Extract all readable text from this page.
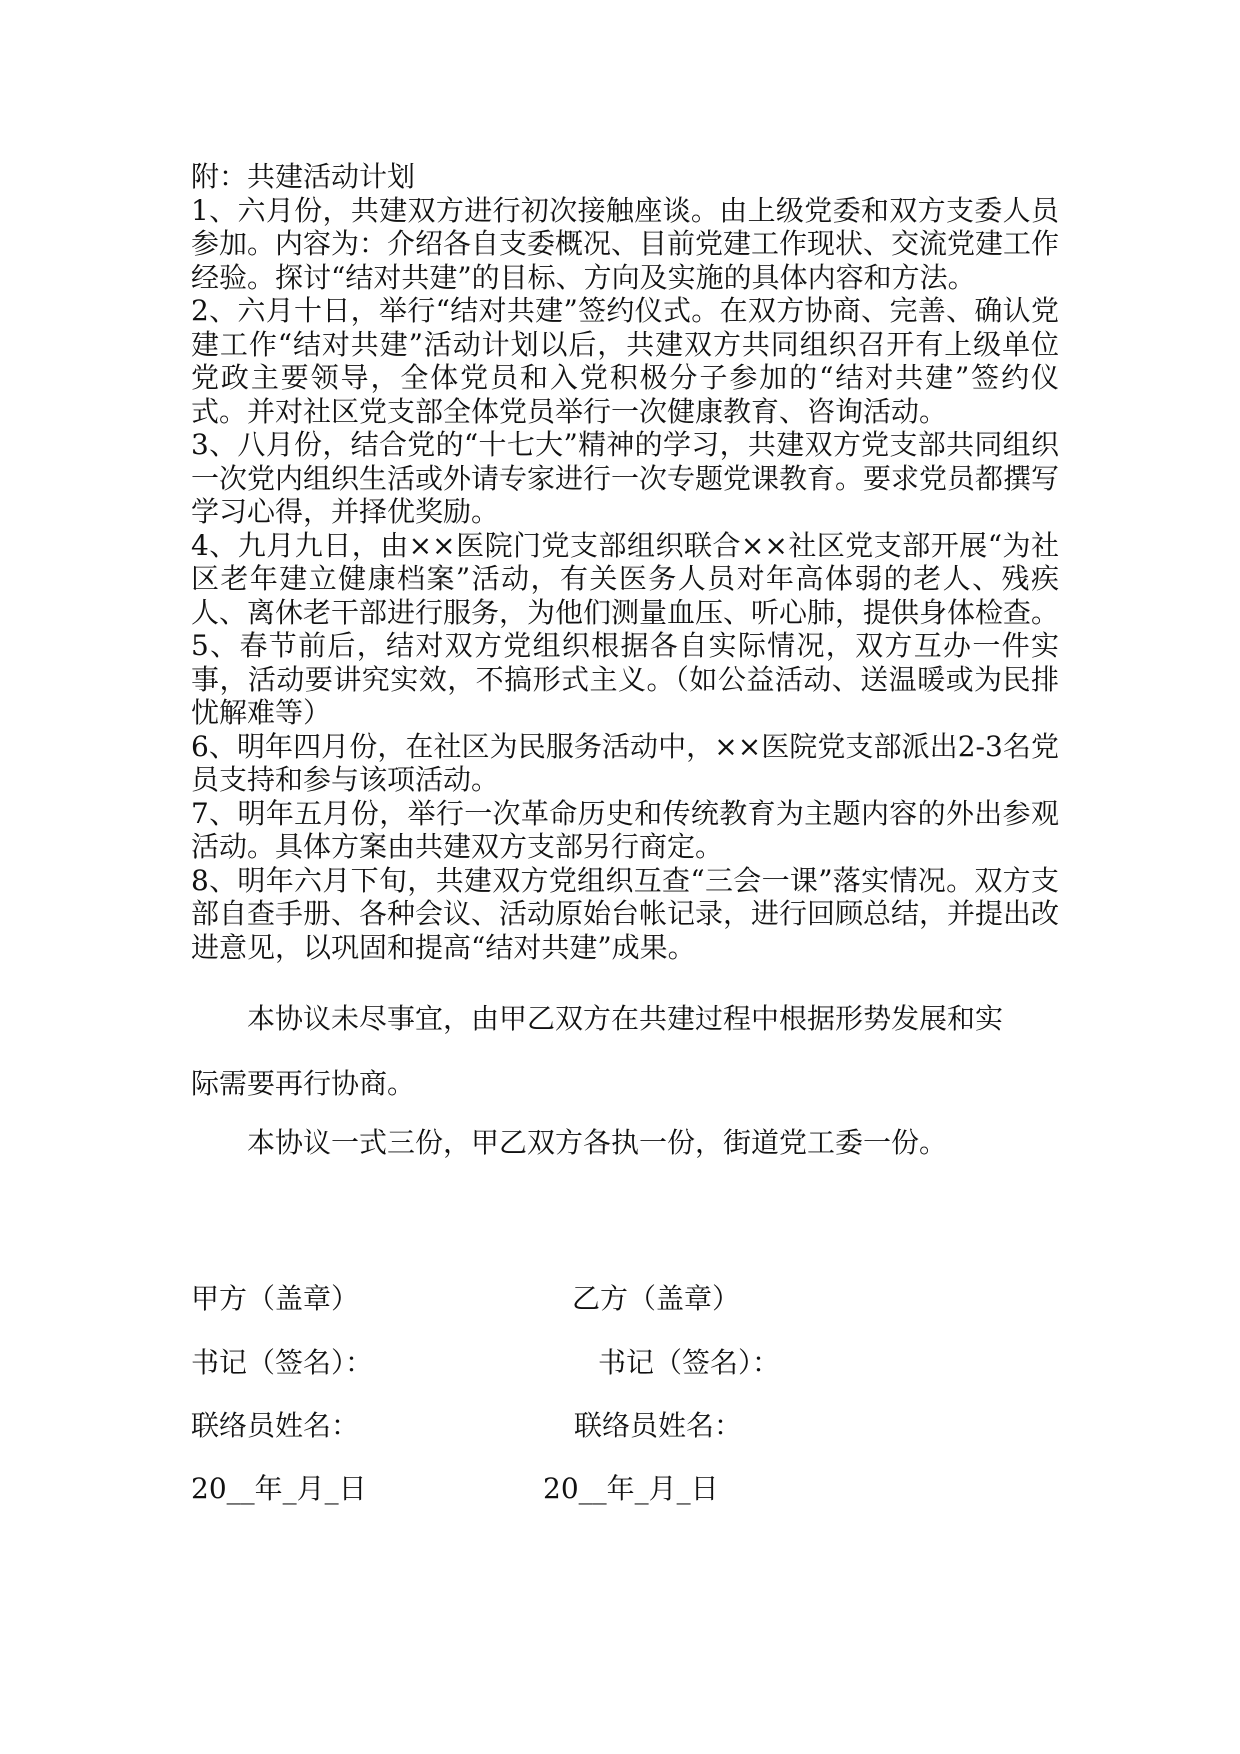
附：共建活动计划

1、六月份，共建双方进行初次接触座谈。由上级党委和双方支委人员参加。内容为：介绍各自支委概况、目前党建工作现状、交流党建工作经验。探讨“结对共建”的目标、方向及实施的具体内容和方法。

2、六月十日，举行“结对共建”签约仪式。在双方协商、完善、确认党建工作“结对共建”活动计划以后，共建双方共同组织召开有上级单位党政主要领导，全体党员和入党积极分子参加的“结对共建”签约仪式。并对社区党支部全体党员举行一次健康教育、咨询活动。

3、八月份，结合党的“十七大”精神的学习，共建双方党支部共同组织一次党内组织生活或外请专家进行一次专题党课教育。要求党员都撰写学习心得，并择优奖励。

4、九月九日，由××医院门党支部组织联合××社区党支部开展“为社区老年建立健康档案”活动，有关医务人员对年高体弱的老人、残疾人、离休老干部进行服务，为他们测量血压、听心肺，提供身体检查。

5、春节前后，结对双方党组织根据各自实际情况，双方互办一件实事，活动要讲究实效，不搞形式主义。（如公益活动、送温暖或为民排忧解难等）

6、明年四月份，在社区为民服务活动中，××医院党支部派出2-3名党员支持和参与该项活动。

7、明年五月份，举行一次革命历史和传统教育为主题内容的外出参观活动。具体方案由共建双方支部另行商定。

8、明年六月下旬，共建双方党组织互查“三会一课”落实情况。双方支部自查手册、各种会议、活动原始台帐记录，进行回顾总结，并提出改进意见，以巩固和提高“结对共建”成果。

本协议未尽事宜，由甲乙双方在共建过程中根据形势发展和实

际需要再行协商。

本协议一式三份，甲乙双方各执一份，街道党工委一份。

甲方（盖章）	乙方（盖章）
书记（签名）：	书记（签名）：
联络员姓名：	联络员姓名：
20__年_月_日	20__年_月_日
